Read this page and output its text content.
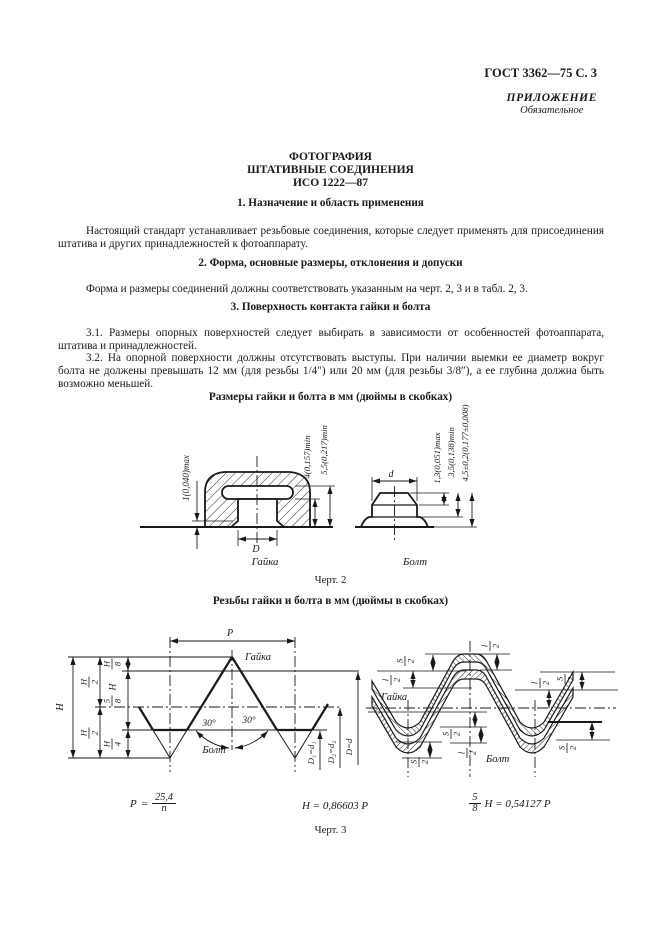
ГОСТ 3362—75 С. 3
ПРИЛОЖЕНИЕ
Обязательное
ФОТОГРАФИЯ
ШТАТИВНЫЕ СОЕДИНЕНИЯ
ИСО 1222—87
1. Назначение и область применения
Настоящий стандарт устанавливает резьбовые соединения, которые следует применять для присоединения штатива и других принадлежностей к фотоаппарату.
2. Форма, основные размеры, отклонения и допуски
Форма и размеры соединений должны соответствовать указанным на черт. 2, 3 и в табл. 2, 3.
3. Поверхность контакта гайки и болта
3.1. Размеры опорных поверхностей следует выбирать в зависимости от особенностей фотоаппарата, штатива и принадлежностей.
3.2. На опорной поверхности должны отсутствовать выступы. При наличии выемки ее диаметр вокруг болта не должены превышать 12 мм (для резьбы 1/4″) или 20 мм (для резьбы 3/8″), а ее глубина должна быть возможно меньшей.
Размеры гайки и болта в мм (дюймы в скобках)
Гайка	Болт
Черт. 2
Резьбы гайки и болта в мм (дюймы в скобках)
$P = \frac{25,4}{n}$	H = 0,86603 P	$\frac{5}{8}$ H = 0,54127 P
Черт. 3
1(0,040)max	4(0,157)min 5,5(0,217)min
D
d	1,3(0,051)max 3,5(0,138)min 4,5±0,2(0,177±0,008)
P
H
H 8
H 2
5 8
H
H 2
H 4
30°	30°
Гайка
Болт	D₁=d₁ D₂=d₂ D=d
S 2
S 2
S 2
S 2
S 2
l 2
l 2
l 2
l 2
Гайка
Болт
